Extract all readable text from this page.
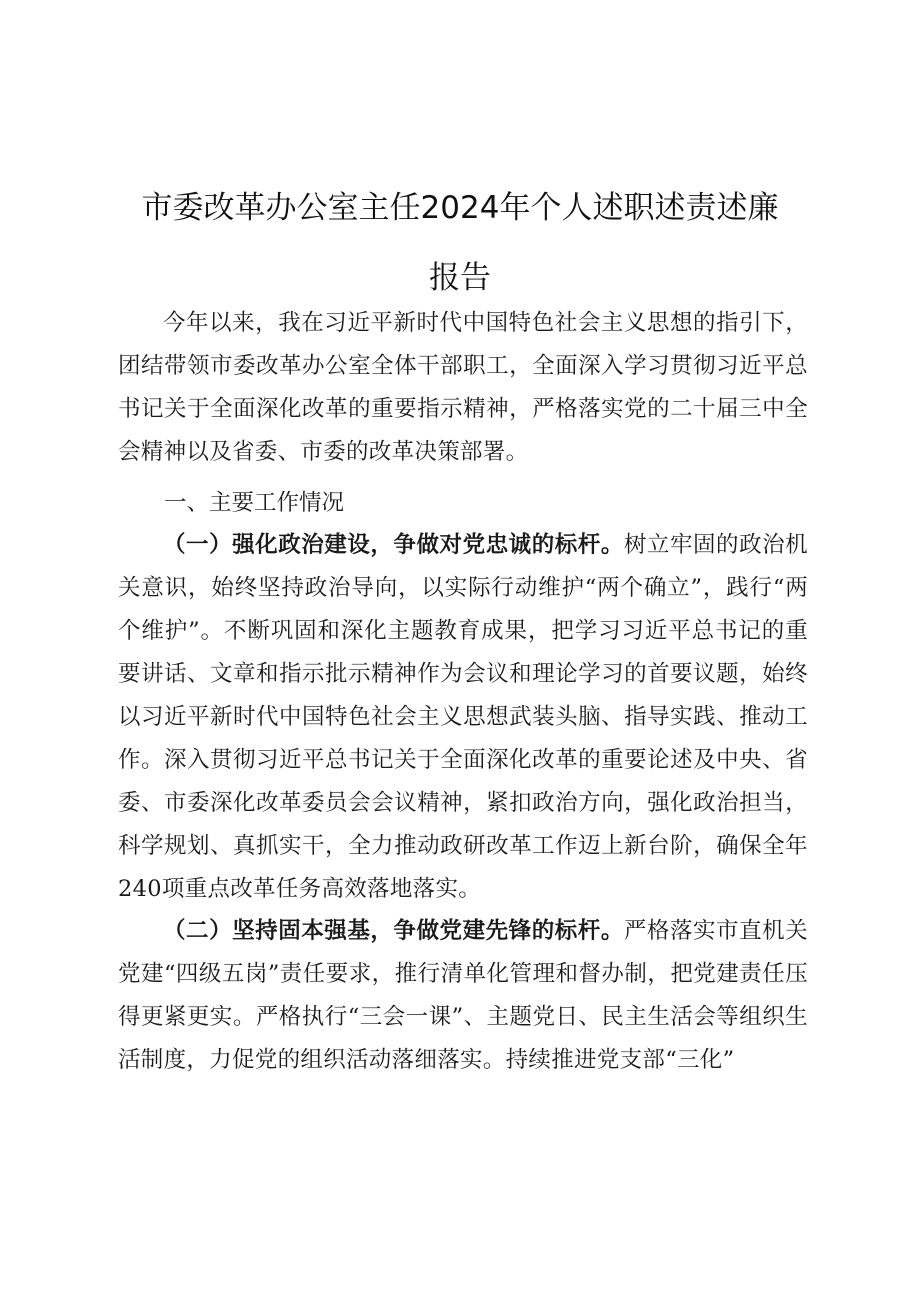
市委改革办公室主任2024年个人述职述责述廉
报告

今年以来，我在习近平新时代中国特色社会主义思想的指引下，团结带领市委改革办公室全体干部职工，全面深入学习贯彻习近平总书记关于全面深化改革的重要指示精神，严格落实党的二十届三中全会精神以及省委、市委的改革决策部署。

一、主要工作情况

（一）强化政治建设，争做对党忠诚的标杆。树立牢固的政治机关意识，始终坚持政治导向，以实际行动维护“两个确立”，践行“两个维护”。不断巩固和深化主题教育成果，把学习习近平总书记的重要讲话、文章和指示批示精神作为会议和理论学习的首要议题，始终以习近平新时代中国特色社会主义思想武装头脑、指导实践、推动工作。深入贯彻习近平总书记关于全面深化改革的重要论述及中央、省委、市委深化改革委员会会议精神，紧扣政治方向，强化政治担当，科学规划、真抓实干，全力推动政研改革工作迈上新台阶，确保全年240项重点改革任务高效落地落实。

（二）坚持固本强基，争做党建先锋的标杆。严格落实市直机关党建“四级五岗”责任要求，推行清单化管理和督办制，把党建责任压得更紧更实。严格执行“三会一课”、主题党日、民主生活会等组织生活制度，力促党的组织活动落细落实。持续推进党支部“三化”
